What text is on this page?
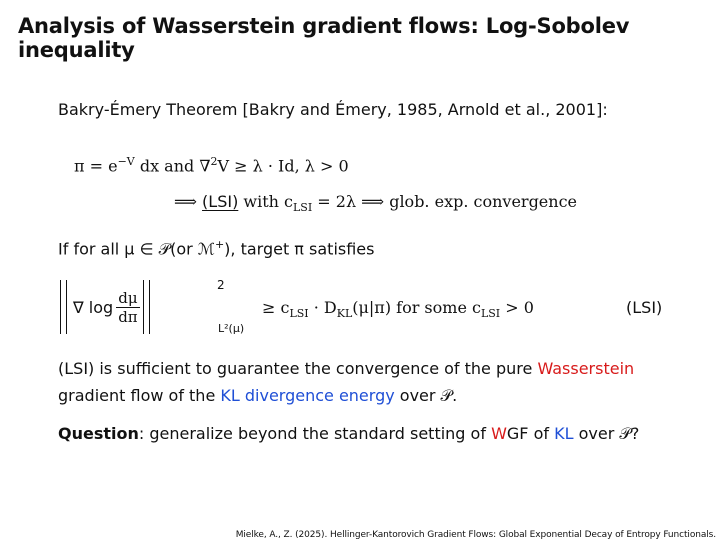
Analysis of Wasserstein gradient flows: Log-Sobolev inequality
Bakry-Émery Theorem [Bakry and Émery, 1985, Arnold et al., 2001]:
$\pi = e^{-V}$ dx and ∇$^2$V ≥ λ · Id, λ > 0
⟹ (LSI) with $c_{LSI} = 2\lambda$ ⟹ glob. exp. convergence
If for all μ ∈ 𝒫(or ℳ+), target π satisfies
∇ $\log \frac{d\mu}{d\pi}$
2
L²(μ)
≥ $c_{LSI} \cdot D_{KL}(\mu|\pi)$ for some $c_{LSI} > 0$	(LSI)
(LSI) is sufficient to guarantee the convergence of the pure Wasserstein
gradient flow of the KL divergence energy over 𝒫.
Question: generalize beyond the standard setting of WGF of KL over 𝒫?
Mielke, A., Z. (2025). Hellinger-Kantorovich Gradient Flows: Global Exponential Decay of Entropy Functionals.
